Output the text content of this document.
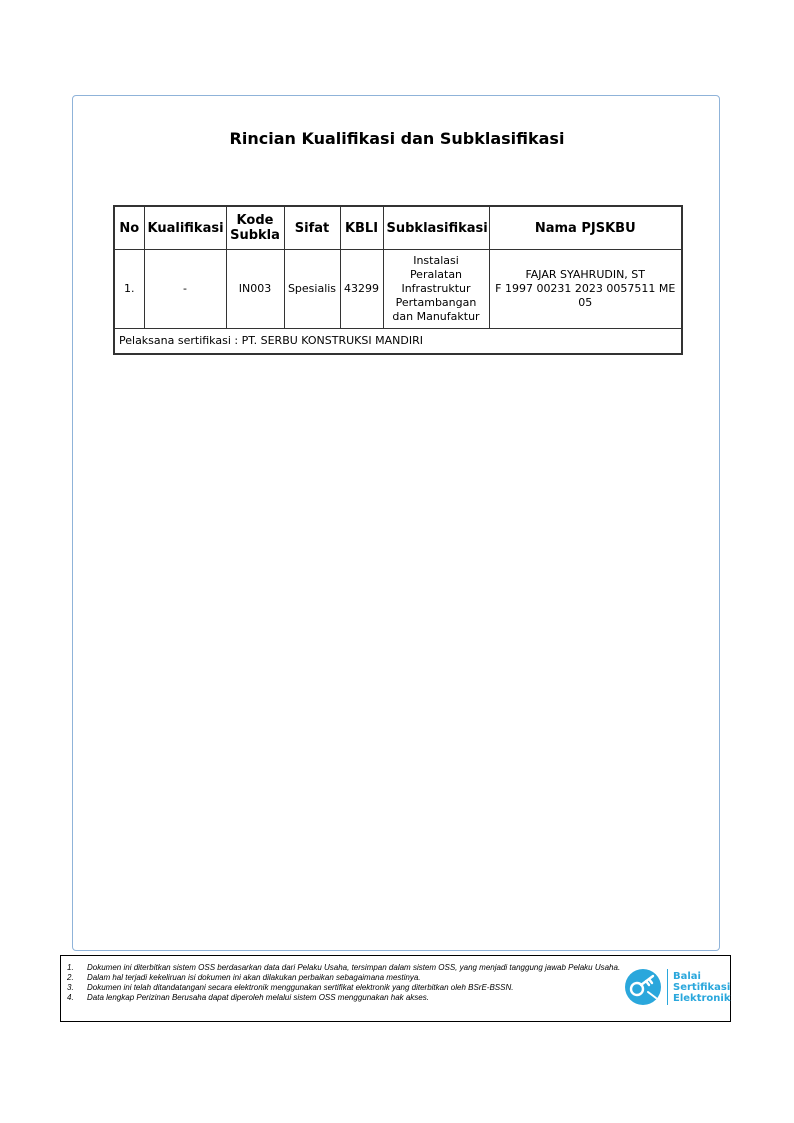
Rincian Kualifikasi dan Subklasifikasi
No	Kualifikasi	Kode Subkla	Sifat	KBLI	Subklasifikasi	Nama PJSKBU
1.	-	IN003	Spesialis	43299	Instalasi Peralatan Infrastruktur Pertambangan dan Manufaktur	FAJAR SYAHRUDIN, ST
F 1997 00231 2023 0057511 ME 05

Pelaksana sertifikasi : PT. SERBU KONSTRUKSI MANDIRI						
1.	Dokumen ini diterbitkan sistem OSS berdasarkan data dari Pelaku Usaha, tersimpan dalam sistem OSS, yang menjadi tanggung jawab Pelaku Usaha.
2.	Dalam hal terjadi kekeliruan isi dokumen ini akan dilakukan perbaikan sebagaimana mestinya.
3.	Dokumen ini telah ditandatangani secara elektronik menggunakan sertifikat elektronik yang diterbitkan oleh BSrE-BSSN.
4.	Data lengkap Perizinan Berusaha dapat diperoleh melalui sistem OSS menggunakan hak akses.
Balai
Sertifikasi
Elektronik
